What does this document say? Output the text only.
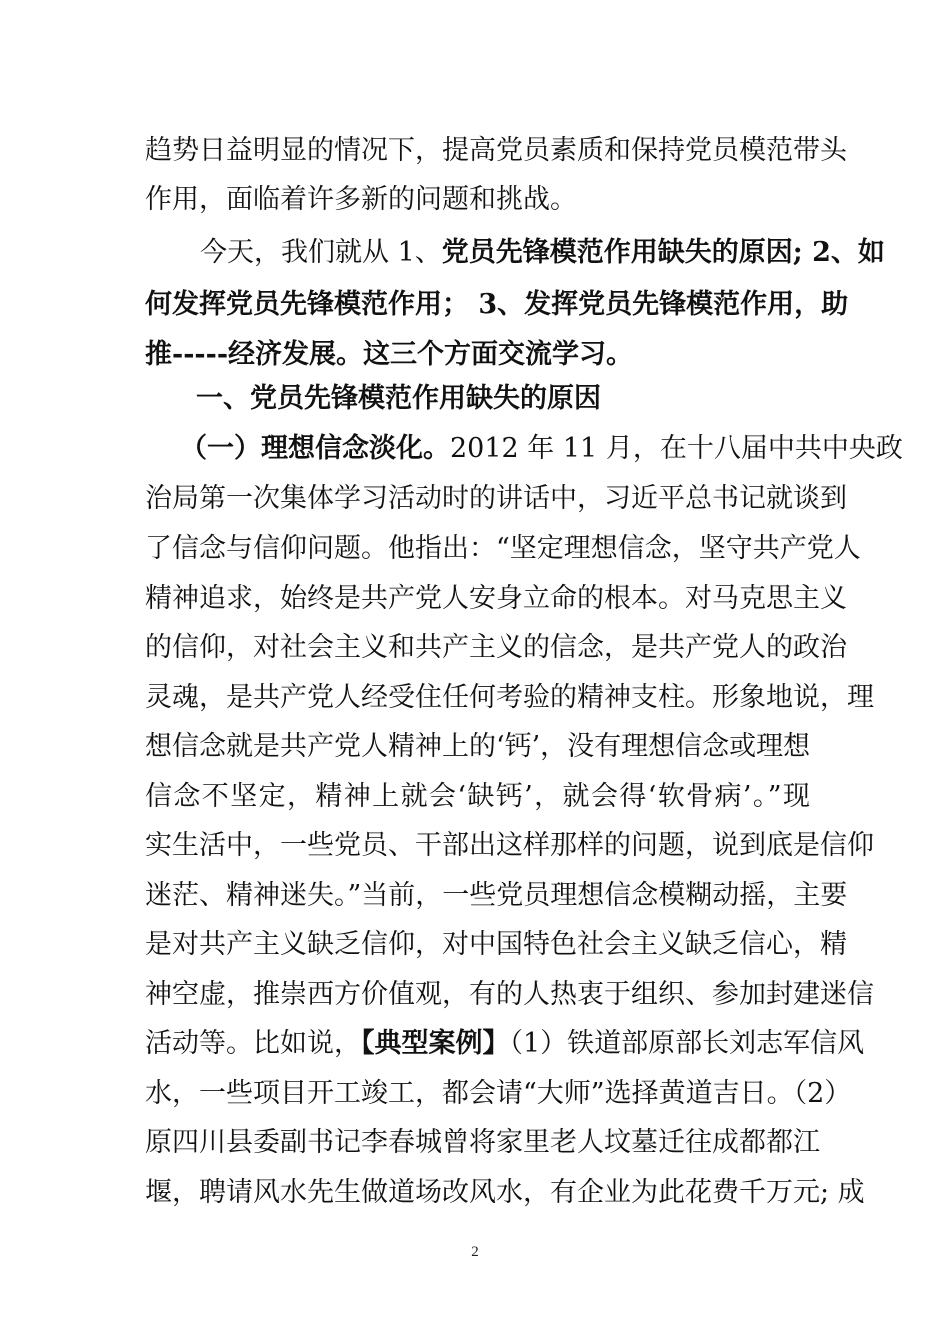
趋势日益明显的情况下，提高党员素质和保持党员模范带头
作用，面临着许多新的问题和挑战。
今天，我们就从 1、党员先锋模范作用缺失的原因; 2、如
何发挥党员先锋模范作用； 3、发挥党员先锋模范作用，助
推-----经济发展。这三个方面交流学习。
一、党员先锋模范作用缺失的原因
（一）理想信念淡化。2012 年 11 月，在十八届中共中央政
治局第一次集体学习活动时的讲话中，习近平总书记就谈到
了信念与信仰问题。他指出：“坚定理想信念，坚守共产党人
精神追求，始终是共产党人安身立命的根本。对马克思主义
的信仰，对社会主义和共产主义的信念，是共产党人的政治
灵魂，是共产党人经受住任何考验的精神支柱。形象地说，理
想信念就是共产党人精神上的‘钙’，没有理想信念或理想
信念不坚定，精神上就会‘缺钙’，就会得‘软骨病’。”现
实生活中，一些党员、干部出这样那样的问题，说到底是信仰
迷茫、精神迷失。”当前，一些党员理想信念模糊动摇，主要
是对共产主义缺乏信仰，对中国特色社会主义缺乏信心，精
神空虚，推崇西方价值观，有的人热衷于组织、参加封建迷信
活动等。比如说，【典型案例】（1）铁道部原部长刘志军信风
水，一些项目开工竣工，都会请“大师”选择黄道吉日。（2）
原四川县委副书记李春城曾将家里老人坟墓迁往成都都江
堰，聘请风水先生做道场改风水，有企业为此花费千万元; 成
2
